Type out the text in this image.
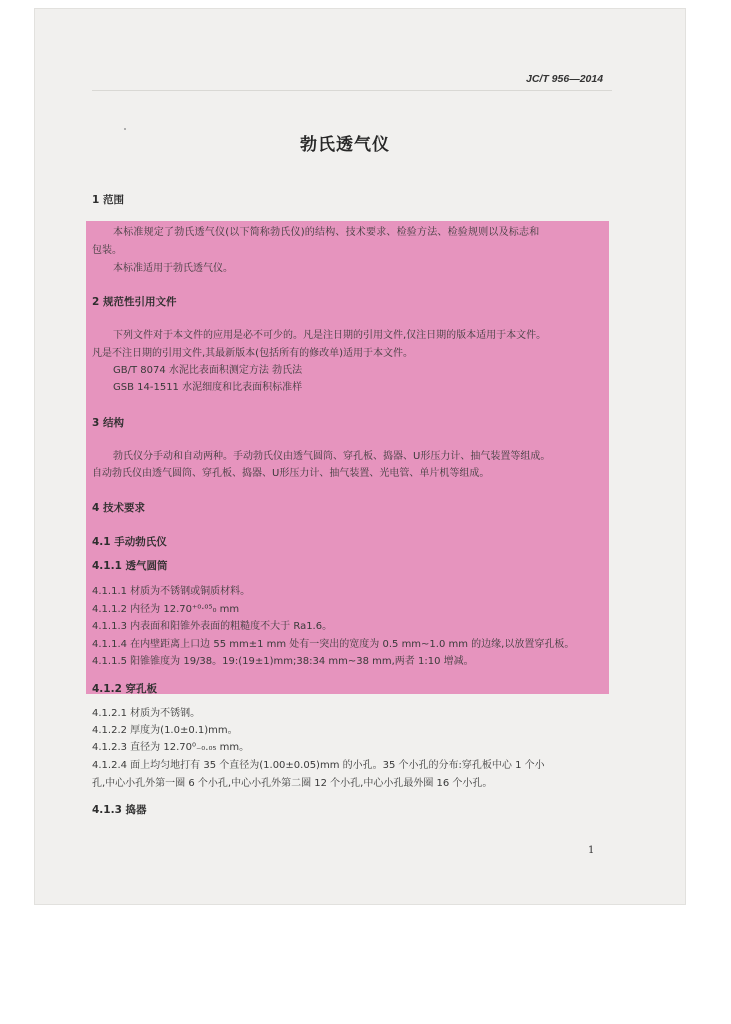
JC/T 956—2014
勃氏透气仪
1 范围
本标准规定了勃氏透气仪(以下简称勃氏仪)的结构、技术要求、检验方法、检验规则以及标志和
包装。
本标准适用于勃氏透气仪。
2 规范性引用文件
下列文件对于本文件的应用是必不可少的。凡是注日期的引用文件,仅注日期的版本适用于本文件。
凡是不注日期的引用文件,其最新版本(包括所有的修改单)适用于本文件。
GB/T 8074 水泥比表面积测定方法 勃氏法
GSB 14-1511 水泥细度和比表面积标准样
3 结构
勃氏仪分手动和自动两种。手动勃氏仪由透气圆筒、穿孔板、捣器、U形压力计、抽气装置等组成。
自动勃氏仪由透气圆筒、穿孔板、捣器、U形压力计、抽气装置、光电管、单片机等组成。
4 技术要求
4.1 手动勃氏仪
4.1.1 透气圆筒
4.1.1.1 材质为不锈钢或铜质材料。
4.1.1.2 内径为 12.70⁺⁰·⁰⁵₀ mm
4.1.1.3 内表面和阳锥外表面的粗糙度不大于 Ra1.6。
4.1.1.4 在内壁距离上口边 55 mm±1 mm 处有一突出的宽度为 0.5 mm~1.0 mm 的边缘,以放置穿孔板。
4.1.1.5 阳锥锥度为 19/38。19:(19±1)mm;38:34 mm~38 mm,两者 1:10 增减。
4.1.2 穿孔板
4.1.2.1 材质为不锈钢。
4.1.2.2 厚度为(1.0±0.1)mm。
4.1.2.3 直径为 12.70⁰₋₀.₀₅ mm。
4.1.2.4 面上均匀地打有 35 个直径为(1.00±0.05)mm 的小孔。35 个小孔的分布:穿孔板中心 1 个小
孔,中心小孔外第一圈 6 个小孔,中心小孔外第二圈 12 个小孔,中心小孔最外圈 16 个小孔。
4.1.3 捣器
1
